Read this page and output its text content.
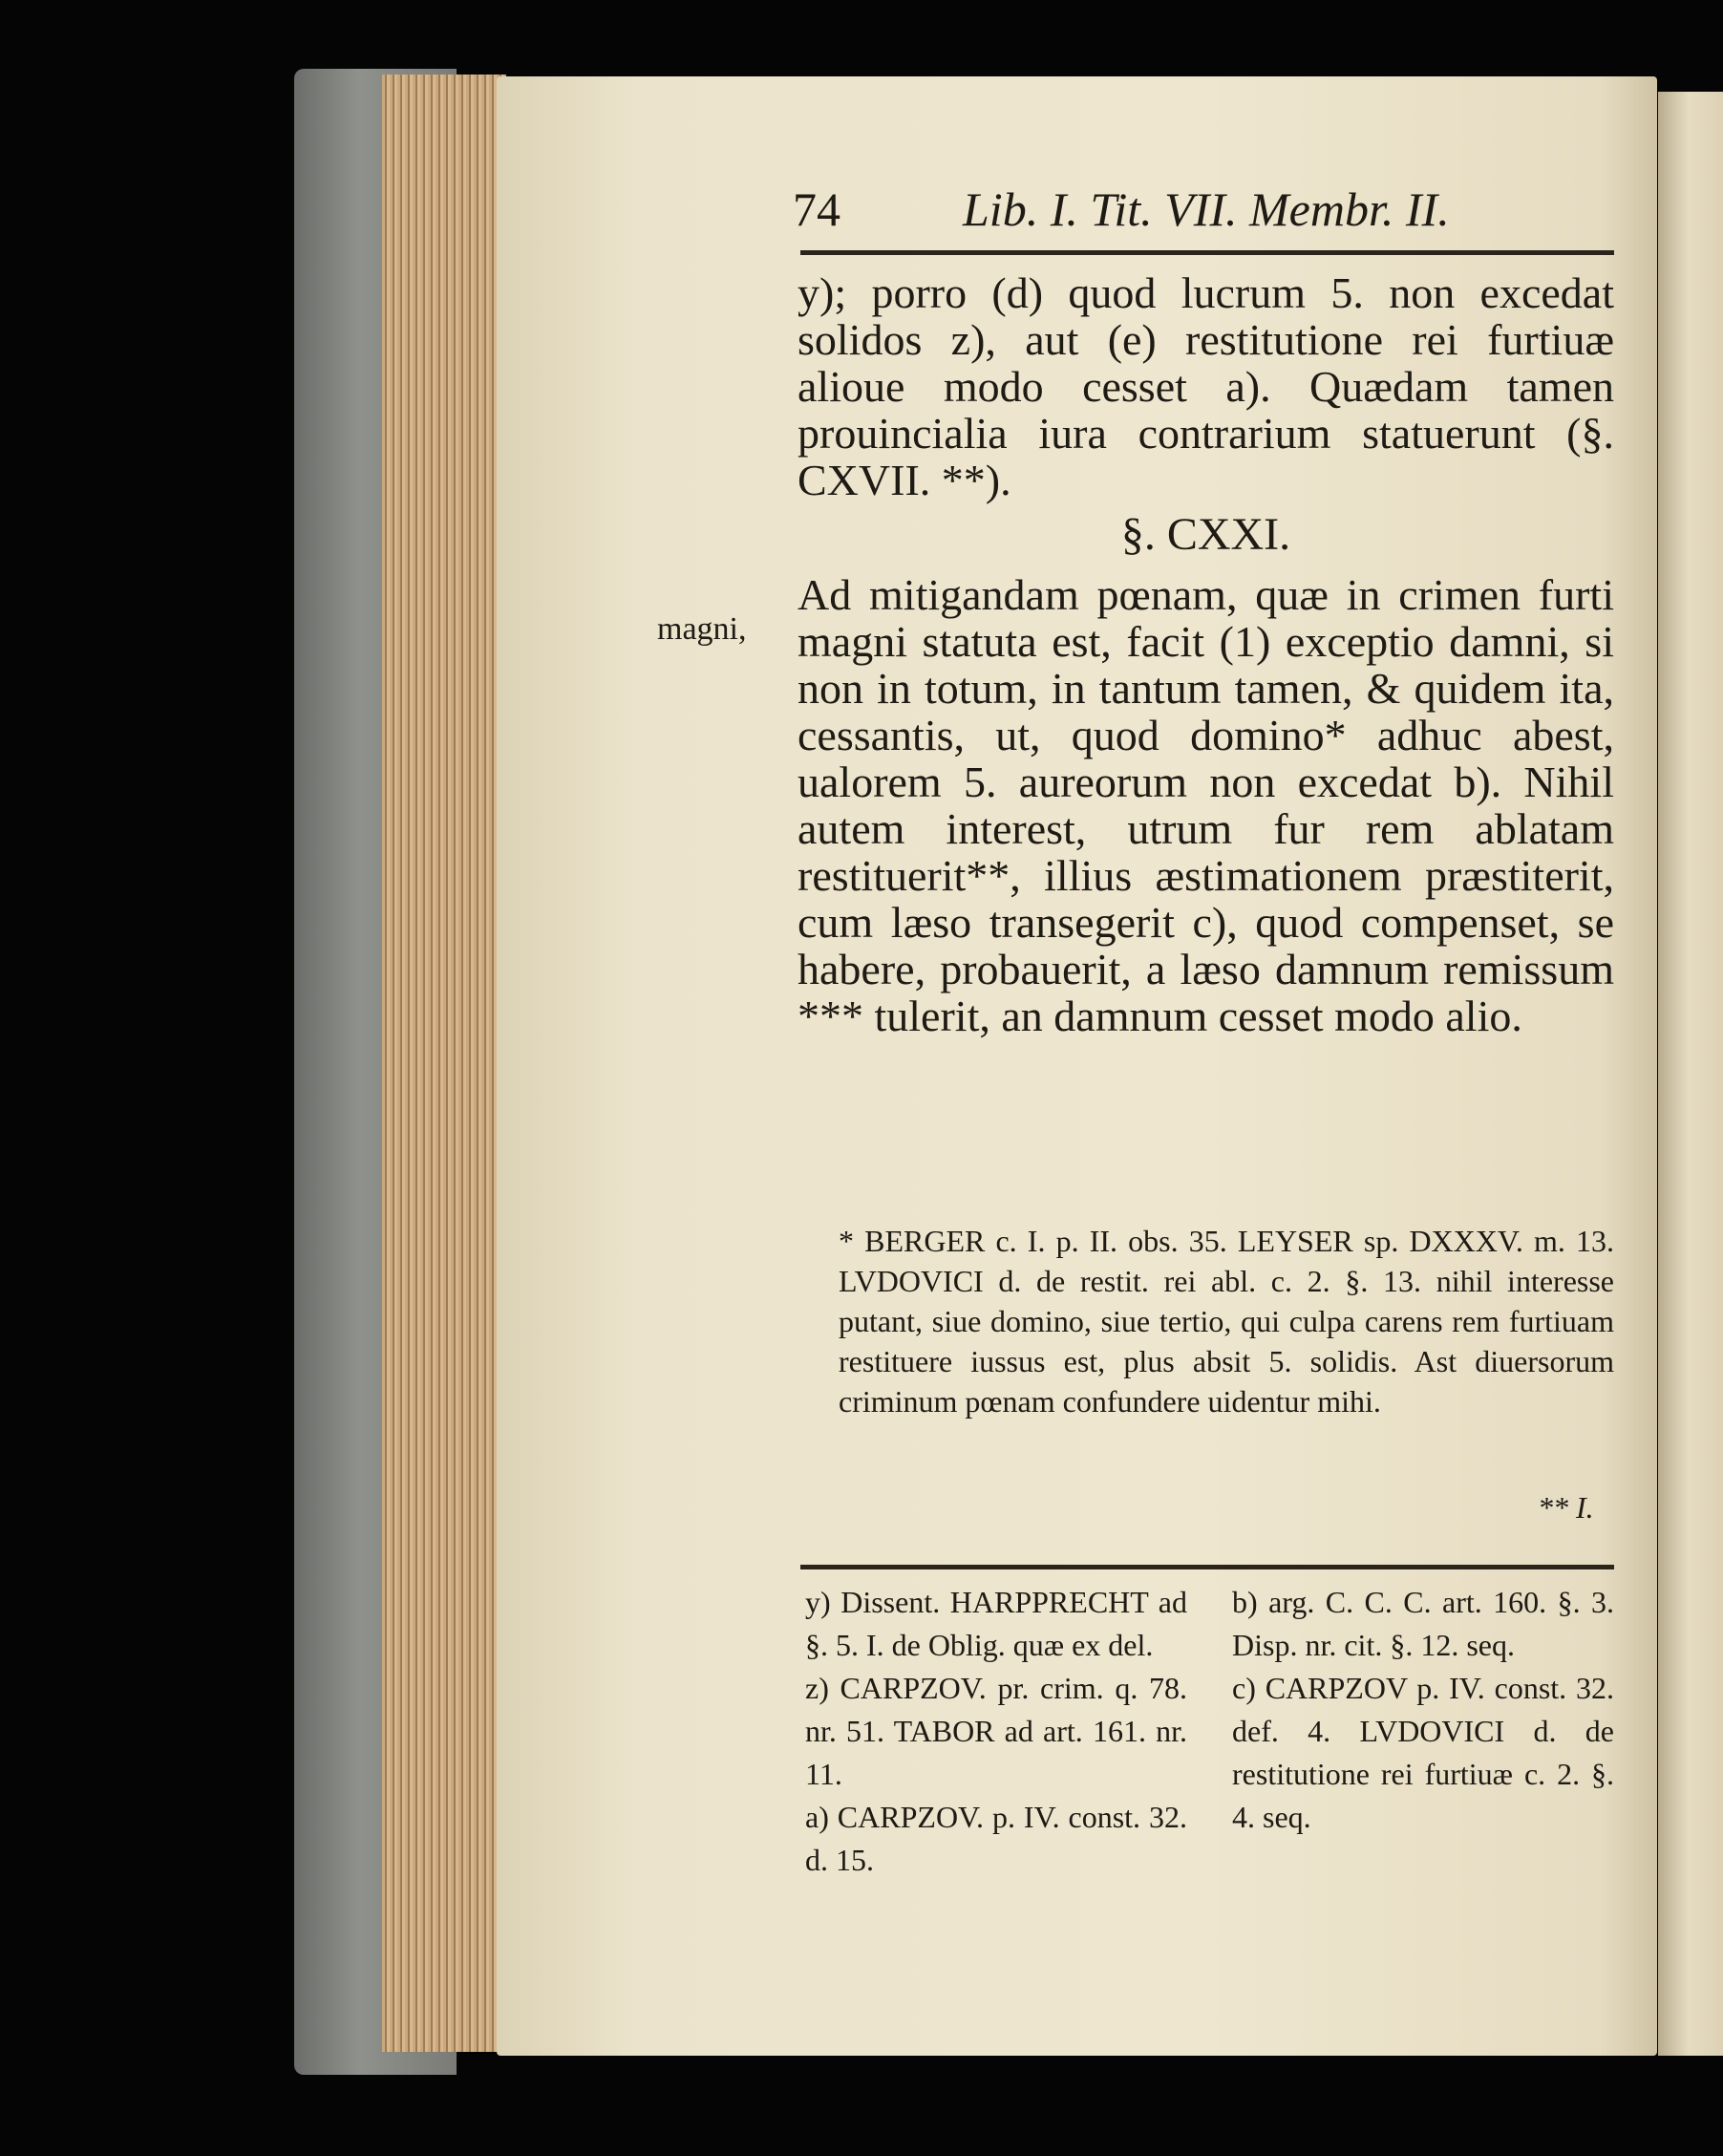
74	Lib. I. Tit. VII. Membr. II.

y); porro (d) quod lucrum 5. non excedat solidos z), aut (e) restitutione rei furtiuæ alioue modo cesset a). Quædam tamen prouincialia iura contrarium statuerunt (§. CXVII. **).

§. CXXI.

Ad mitigandam pœnam, quæ in crimen furti magni statuta est, facit (1) exceptio damni, si non in totum, in tantum tamen, & quidem ita, cessantis, ut, quod domino* adhuc abest, ualorem 5. aureorum non excedat b). Nihil autem interest, utrum fur rem ablatam restituerit**, illius æstimationem præstiterit, cum læso transegerit c), quod compenset, se habere, probauerit, a læso damnum remissum *** tulerit, an damnum cesset modo alio.

magni,

* BERGER c. I. p. II. obs. 35. LEYSER sp. DXXXV. m. 13. LVDOVICI d. de restit. rei abl. c. 2. §. 13. nihil interesse putant, siue domino, siue tertio, qui culpa carens rem furtiuam restituere iussus est, plus absit 5. solidis. Ast diuersorum criminum pœnam confundere uidentur mihi.

** I.

y) Dissent. HARPPRECHT ad §. 5. I. de Oblig. quæ ex del.

z) CARPZOV. pr. crim. q. 78. nr. 51. TABOR ad art. 161. nr. 11.

a) CARPZOV. p. IV. const. 32. d. 15.

b) arg. C. C. C. art. 160. §. 3. Disp. nr. cit. §. 12. seq.

c) CARPZOV p. IV. const. 32. def. 4. LVDOVICI d. de restitutione rei furtiuæ c. 2. §. 4. seq.
